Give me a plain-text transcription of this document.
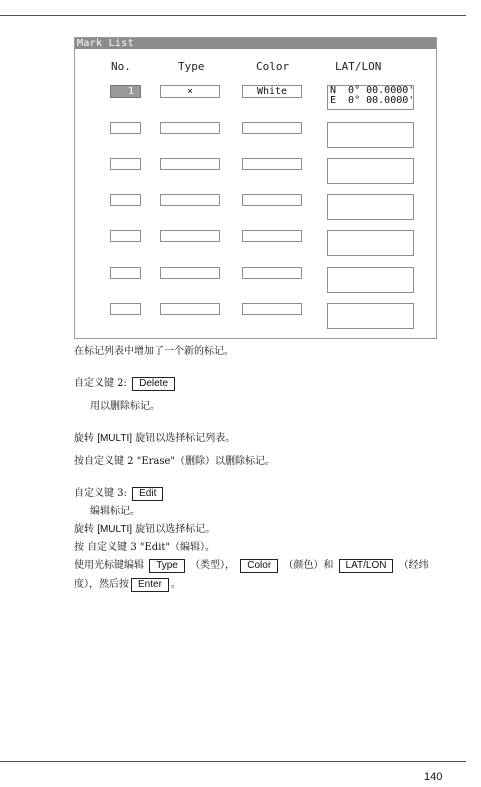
Mark List
No.	Type	Color	LAT/LON
1	×	White	N  0° 00.0000'
E  0° 00.0000'
在标记列表中增加了一个新的标记。
自定义键 2: Delete
用以删除标记。
旋转 [MULTI] 旋钮以选择标记列表。
按自定义键 2 "Erase"（删除）以删除标记。
自定义键 3: Edit
编辑标记。
旋转 [MULTI] 旋钮以选择标记。
按 自定义键 3 "Edit"（编辑）。
使用光标键编辑 Type （类型）， Color （颜色）和 LAT/LON （经纬
度），然后按 Enter 。
140
